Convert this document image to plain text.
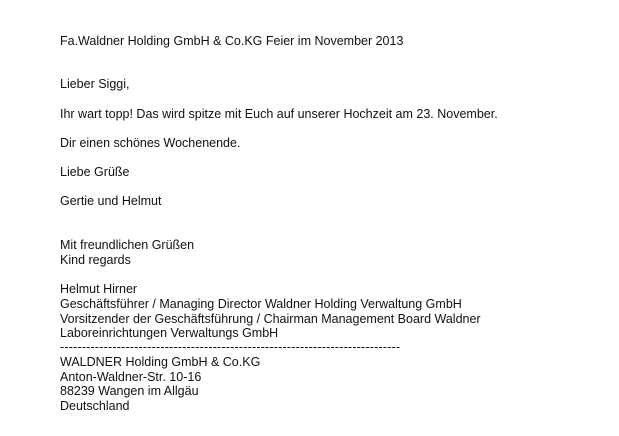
Fa.Waldner Holding GmbH & Co.KG Feier im November 2013
Lieber Siggi,
Ihr wart topp! Das wird spitze mit Euch auf unserer Hochzeit am 23. November.
Dir einen schönes Wochenende.
Liebe Grüße
Gertie und Helmut
Mit freundlichen Grüßen
Kind regards
Helmut Hirner
Geschäftsführer / Managing Director Waldner Holding Verwaltung GmbH
Vorsitzender der Geschäftsführung / Chairman Management Board Waldner
Laboreinrichtungen Verwaltungs GmbH
------------------------------------------------------------------------------
WALDNER Holding GmbH & Co.KG
Anton-Waldner-Str. 10-16
88239 Wangen im Allgäu
Deutschland
